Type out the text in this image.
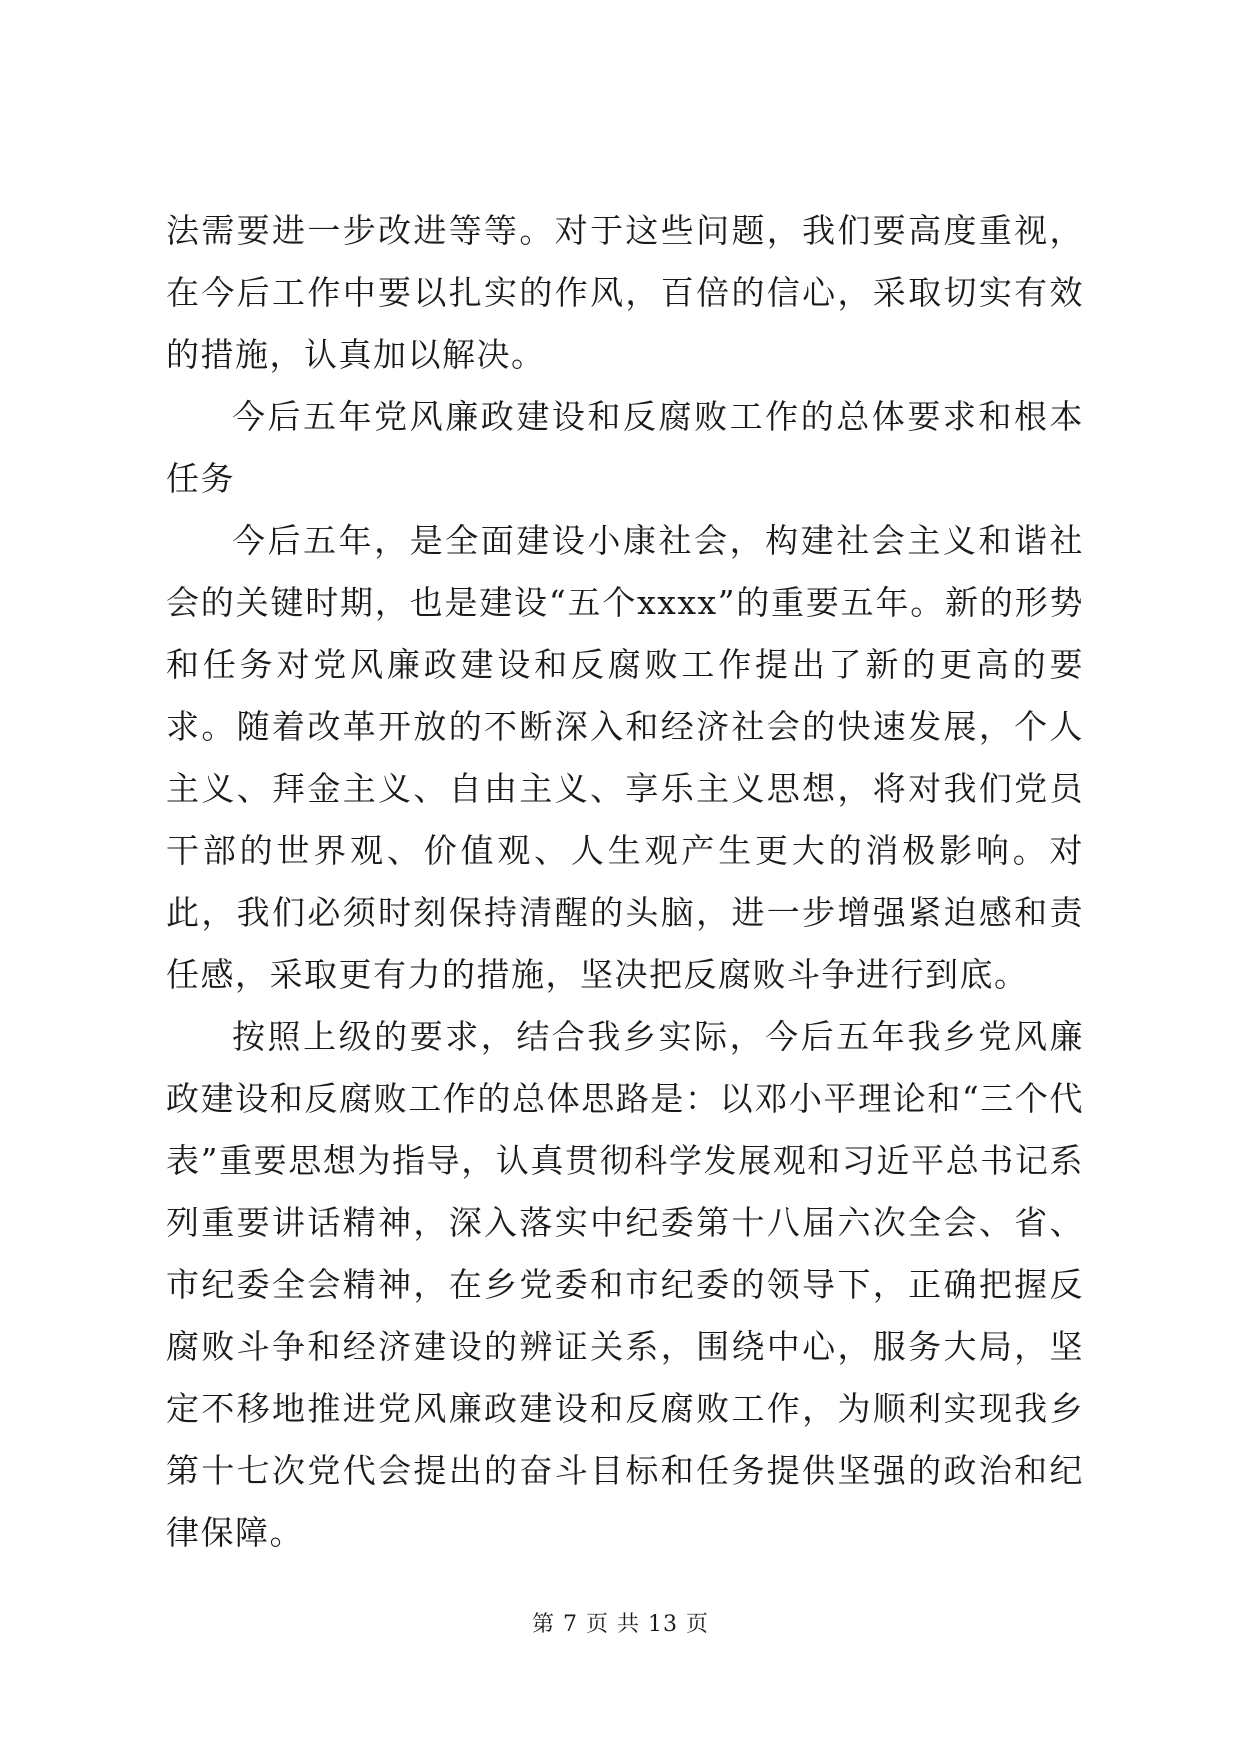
法需要进一步改进等等。对于这些问题，我们要高度重视，在今后工作中要以扎实的作风，百倍的信心，采取切实有效的措施，认真加以解决。

今后五年党风廉政建设和反腐败工作的总体要求和根本任务

今后五年，是全面建设小康社会，构建社会主义和谐社会的关键时期，也是建设“五个xxxx”的重要五年。新的形势和任务对党风廉政建设和反腐败工作提出了新的更高的要求。随着改革开放的不断深入和经济社会的快速发展，个人主义、拜金主义、自由主义、享乐主义思想，将对我们党员干部的世界观、价值观、人生观产生更大的消极影响。对此，我们必须时刻保持清醒的头脑，进一步增强紧迫感和责任感，采取更有力的措施，坚决把反腐败斗争进行到底。

按照上级的要求，结合我乡实际，今后五年我乡党风廉政建设和反腐败工作的总体思路是：以邓小平理论和“三个代表”重要思想为指导，认真贯彻科学发展观和习近平总书记系列重要讲话精神，深入落实中纪委第十八届六次全会、省、市纪委全会精神，在乡党委和市纪委的领导下，正确把握反腐败斗争和经济建设的辨证关系，围绕中心，服务大局，坚定不移地推进党风廉政建设和反腐败工作，为顺利实现我乡第十七次党代会提出的奋斗目标和任务提供坚强的政治和纪律保障。

第 7 页 共 13 页
